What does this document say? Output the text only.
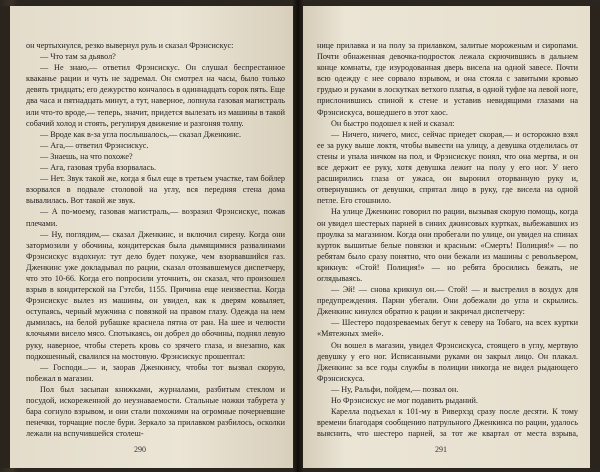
он чертыхнулся, резко вывернул руль и сказал Фрэнсискус:

— Что там за дьявол?

— Не знаю,— ответил Фрэнсискус. Он слушал беспрестанное кваканье рации и чуть не задремал. Он смотрел на часы, было только девять тридцать; его дежурство кончалось в одиннадцать сорок пять. Еще два часа и пятнадцать минут, а тут, наверное, лопнула газовая магистраль или что-то вроде,— теперь, значит, придется вылезать из машины в такой собачий холод и стоять, регулируя движение и разгоняя толпу.

— Вроде как в-за угла послышалось,— сказал Дженкинс.

— Ага,— ответил Фрэнсискус.

— Знаешь, на что похоже?

— Ага, газовая труба взорвалась.

— Нет. Звук такой же, когда я был еще в третьем участке, там бойлер взорвался в подвале столовой на углу, вся передняя стена дома вывалилась. Вот такой же звук.

— А по-моему, газовая магистраль,— возразил Фрэнсискус, пожав плечами.

— Ну, поглядим,— сказал Дженкинс, и включил сирену. Когда они затормозили у обочины, кондитерская была дымящимися развалинами Фрэнсискус вздохнул: тут дело будет похуже, чем взорвавшийся газ. Дженкинс уже докладывал по рации, сказал отозвавшемуся диспетчеру, что это 10-66. Когда его попросили уточнить, он сказал, что произошел взрыв в кондитерской на Гэтсби, 1155. Причина еще неизвестна. Когда Фрэнсискус вылез из машины, он увидел, как к дверям ковыляет, оступаясь, черный мужчина с повязкой на правом глазу. Одежда на нем дымилась, на белой рубашке краснела пятна от ран. На шее и челюсти клочьями висело мясо. Спотыкаясь, он добрел до обочины, поднял левую руку, наверное, чтобы стереть кровь со зрячего глаза, и внезапно, как подкошенный, свалился на мостовую. Фрэнсискус прошептал:

— Господи...— и, заорав Дженкинсу, чтобы тот вызвал скорую, побежал в магазин.

Пол был засыпан книжками, журналами, разбитым стеклом и посудой, искореженной до неузнаваемости. Стальные ножки табурета у бара согнуло взрывом, и они стали похожими на огромные почерневшие пенечки, торчащие после бури. Зеркало за прилавком разбилось, осколки лежали на вспучившейся столеш-

290

нице прилавка и на полу за прилавком, залитые мороженым и сиропами. Почти обнаженная девочка-подросток лежала скрючившись в дальнем конце комнаты, где изуродованная дверь висела на одной завесе. Почти всю одежду с нее сорвало взрывом, и она стояла с завитыми кровью грудью и руками в лоскутках ветхого платья, в одной туфле на левой ноге, прислонившись спиной к стене и уставив невидящими глазами на Фрэнсискуса, вошедшего в этот хаос.

Он быстро подошел к ней и сказал:

— Ничего, ничего, мисс, сейчас приедет скорая,— и осторожно взял ее за руку выше локтя, чтобы вывести на улицу, а девушка отделилась от стены и упала ничком на пол, и Фрэнсискус понял, что она мертва, и он все держит ее руку, хотя девушка лежит на полу у его ног. У него расширились глаза от ужаса, он выронил оторванную руку и, отвернувшись от девушки, спрятал лицо в руку, где висела на одной петле. Его стошнило.

На улице Дженкинс говорил по рации, вызывая скорую помощь, когда он увидел шестерых парней в синих джинсовых куртках, выбежавших из проулка за магазином. Когда они пробегали по улице, он увидел на спинах курток вышитые белые повязки и красным: «Смерть! Полиция!» — по ребятам было сразу понятно, что они бежали из машины с револьвером, крикнув: «Стой! Полиция!» — но ребята бросились бежать, не оглядываясь.

— Эй! — снова крикнул он.— Стой! — и выстрелил в воздух для предупреждения. Парни убегали. Они добежали до угла и скрылись. Дженкинс кинулся обратно к рации и закричал диспетчеру:

— Шестеро подозреваемых бегут к северу на Тобаго, на всех куртки «Мятежных змей».

Он вошел в магазин, увидел Фрэнсискуса, стоящего в углу, мертвую девушку у его ног. Исписанными руками он закрыл лицо. Он плакал. Дженкинс за все годы службы в полиции никогда не видел рыдающего Фрэнсискуса.

— Ну, Ральфи, пойдем,— позвал он.

Но Фрэнсискус не мог подавить рыданий.

Карелла подъехал к 101-му в Риверхэд сразу после десяти. К тому времени благодаря сообщению патрульного Дженкинса по рации, удалось выяснить, что шестеро парней, за тот же квартал от места взрыва,

291
